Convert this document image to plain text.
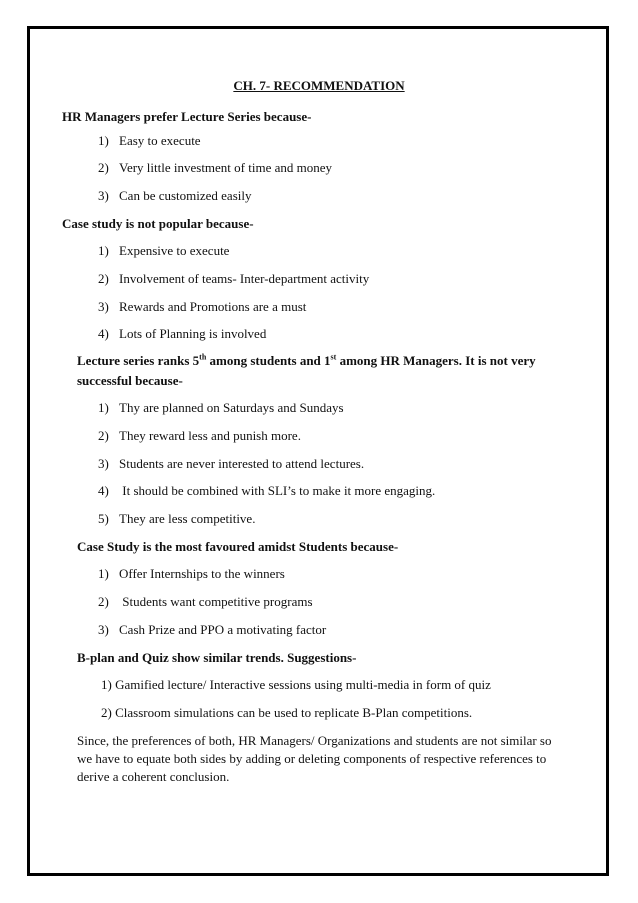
CH. 7- RECOMMENDATION
HR Managers prefer Lecture Series because-
1) Easy to execute
2) Very little investment of time and money
3) Can be customized easily
Case study is not popular because-
1) Expensive to execute
2) Involvement of teams- Inter-department activity
3) Rewards and Promotions are a must
4) Lots of Planning is involved
Lecture series ranks 5th among students and 1st among HR Managers. It is not very
successful because-
1) Thy are planned on Saturdays and Sundays
2) They reward less and punish more.
3) Students are never interested to attend lectures.
4) It should be combined with SLI’s to make it more engaging.
5) They are less competitive.
Case Study is the most favoured amidst Students because-
1) Offer Internships to the winners
2) Students want competitive programs
3) Cash Prize and PPO a motivating factor
B-plan and Quiz show similar trends. Suggestions-
1) Gamified lecture/ Interactive sessions using multi-media in form of quiz
2) Classroom simulations can be used to replicate B-Plan competitions.
Since, the preferences of both, HR Managers/ Organizations and students are not similar so
we have to equate both sides by adding or deleting components of respective references to
derive a coherent conclusion.
